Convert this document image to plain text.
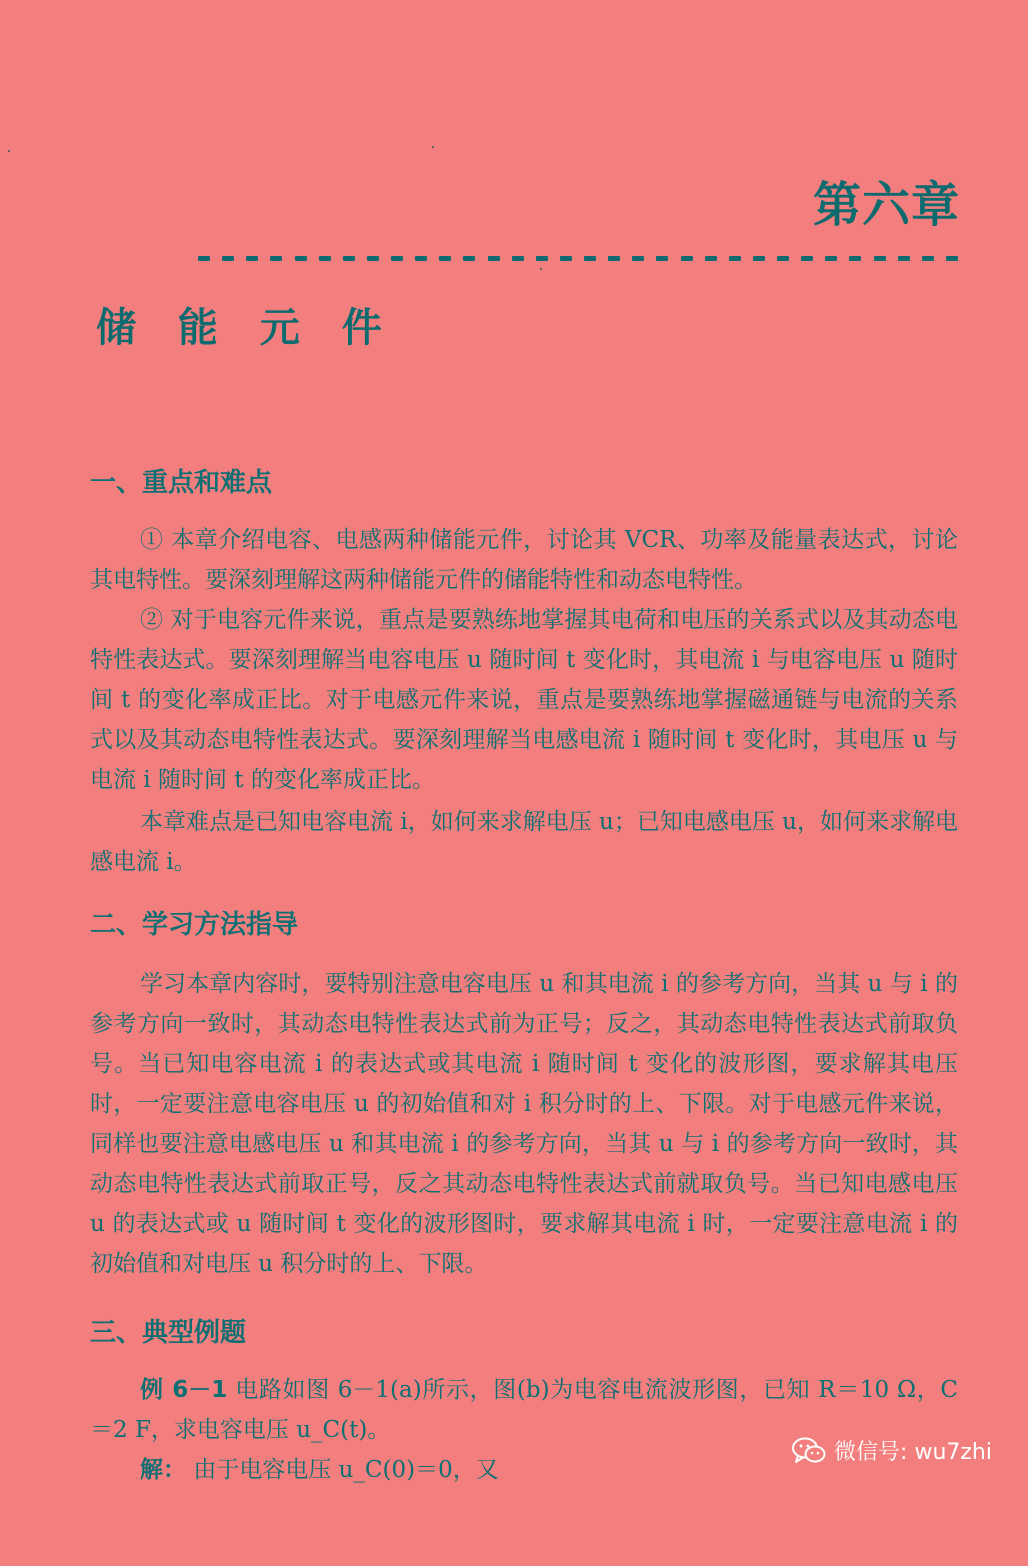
第六章
储 能 元 件
一、重点和难点
① 本章介绍电容、电感两种储能元件，讨论其 VCR、功率及能量表达式，讨论其电特性。要深刻理解这两种储能元件的储能特性和动态电特性。
② 对于电容元件来说，重点是要熟练地掌握其电荷和电压的关系式以及其动态电特性表达式。要深刻理解当电容电压 u 随时间 t 变化时，其电流 i 与电容电压 u 随时间 t 的变化率成正比。对于电感元件来说，重点是要熟练地掌握磁通链与电流的关系式以及其动态电特性表达式。要深刻理解当电感电流 i 随时间 t 变化时，其电压 u 与电流 i 随时间 t 的变化率成正比。
本章难点是已知电容电流 i，如何来求解电压 u；已知电感电压 u，如何来求解电感电流 i。
二、学习方法指导
学习本章内容时，要特别注意电容电压 u 和其电流 i 的参考方向，当其 u 与 i 的参考方向一致时，其动态电特性表达式前为正号；反之，其动态电特性表达式前取负号。当已知电容电流 i 的表达式或其电流 i 随时间 t 变化的波形图，要求解其电压时，一定要注意电容电压 u 的初始值和对 i 积分时的上、下限。对于电感元件来说，同样也要注意电感电压 u 和其电流 i 的参考方向，当其 u 与 i 的参考方向一致时，其动态电特性表达式前取正号，反之其动态电特性表达式前就取负号。当已知电感电压 u 的表达式或 u 随时间 t 变化的波形图时，要求解其电流 i 时，一定要注意电流 i 的初始值和对电压 u 积分时的上、下限。
三、典型例题
例 6－1 电路如图 6－1(a)所示，图(b)为电容电流波形图，已知 R＝10 Ω，C＝2 F，求电容电压 u_C(t)。
解： 由于电容电压 u_C(0)＝0，又
微信号: wu7zhi
